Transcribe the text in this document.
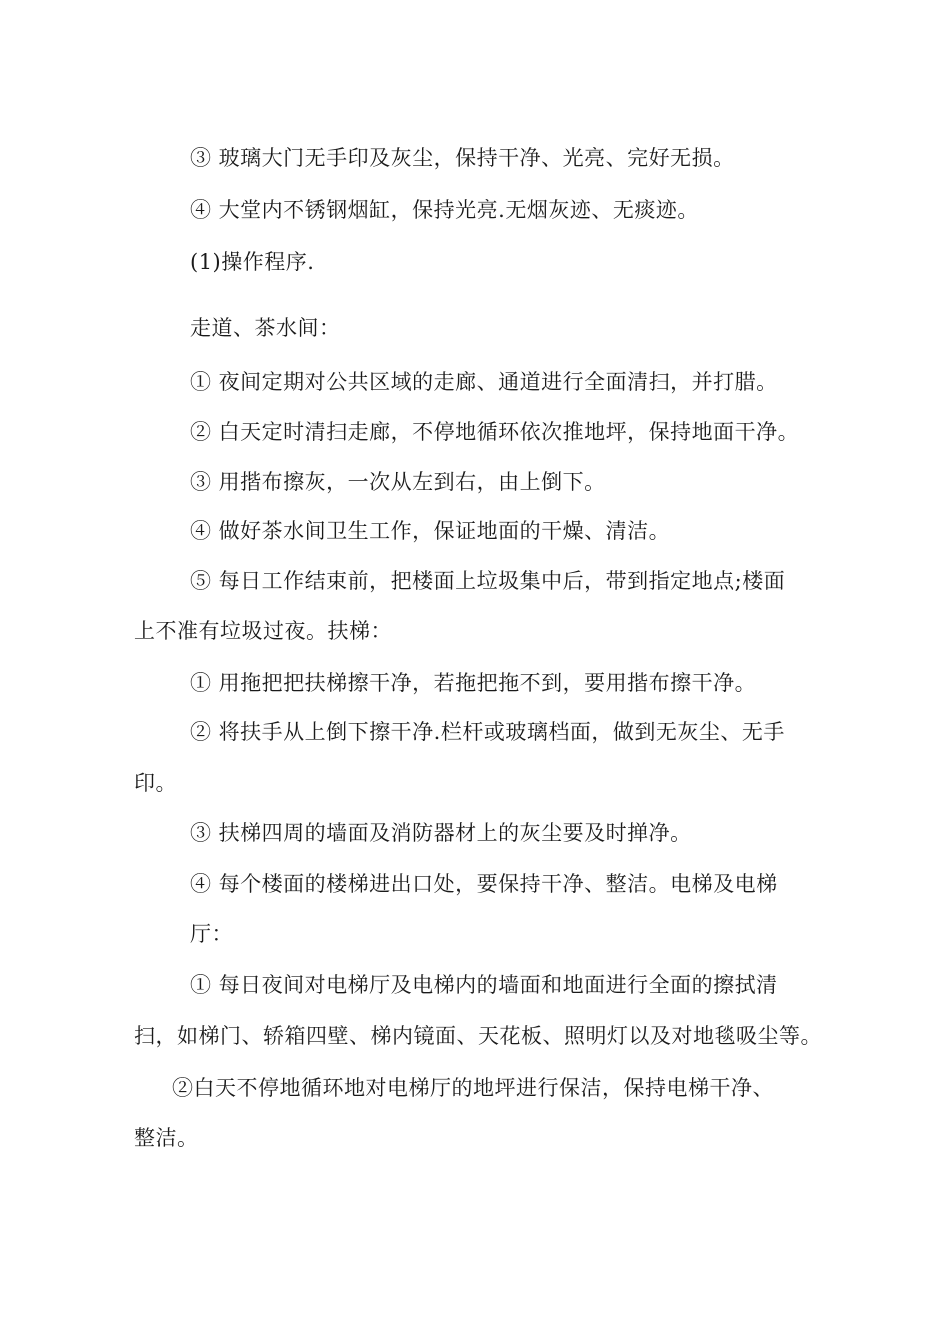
③ 玻璃大门无手印及灰尘，保持干净、光亮、完好无损。
④ 大堂内不锈钢烟缸，保持光亮.无烟灰迹、无痰迹。
(1)操作程序.
走道、茶水间：
① 夜间定期对公共区域的走廊、通道进行全面清扫，并打腊。
② 白天定时清扫走廊，不停地循环依次推地坪，保持地面干净。
③ 用揩布擦灰，一次从左到右，由上倒下。
④ 做好茶水间卫生工作，保证地面的干燥、清洁。
⑤ 每日工作结束前，把楼面上垃圾集中后，带到指定地点;楼面
上不准有垃圾过夜。扶梯：
① 用拖把把扶梯擦干净，若拖把拖不到，要用揩布擦干净。
② 将扶手从上倒下擦干净.栏杆或玻璃档面，做到无灰尘、无手
印。
③ 扶梯四周的墙面及消防器材上的灰尘要及时掸净。
④ 每个楼面的楼梯进出口处，要保持干净、整洁。电梯及电梯
厅：
① 每日夜间对电梯厅及电梯内的墙面和地面进行全面的擦拭清
扫，如梯门、轿箱四壁、梯内镜面、天花板、照明灯以及对地毯吸尘等。
②白天不停地循环地对电梯厅的地坪进行保洁，保持电梯干净、
整洁。
